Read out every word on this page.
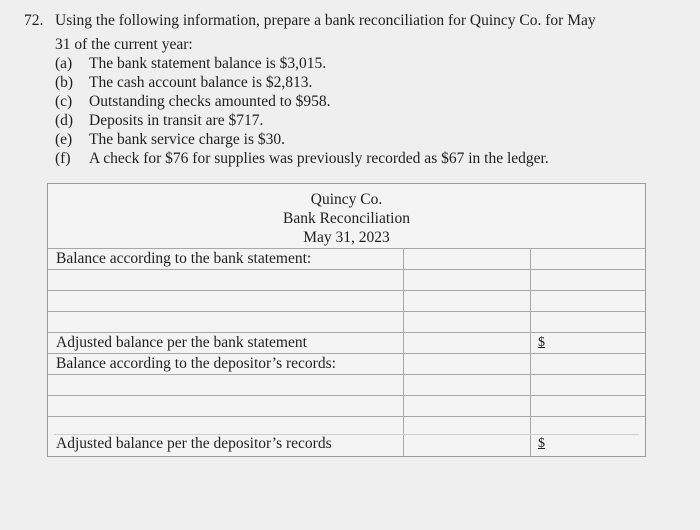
72. Using the following information, prepare a bank reconciliation for Quincy Co. for May
31 of the current year:
(a) The bank statement balance is $3,015.
(b) The cash account balance is $2,813.
(c) Outstanding checks amounted to $958.
(d) Deposits in transit are $717.
(e) The bank service charge is $30.
(f) A check for $76 for supplies was previously recorded as $67 in the ledger.
Quincy Co.
Bank Reconciliation
May 31, 2023
Balance according to the bank statement:
Adjusted balance per the bank statement	$
Balance according to the depositor’s records:
Adjusted balance per the depositor’s records	$
